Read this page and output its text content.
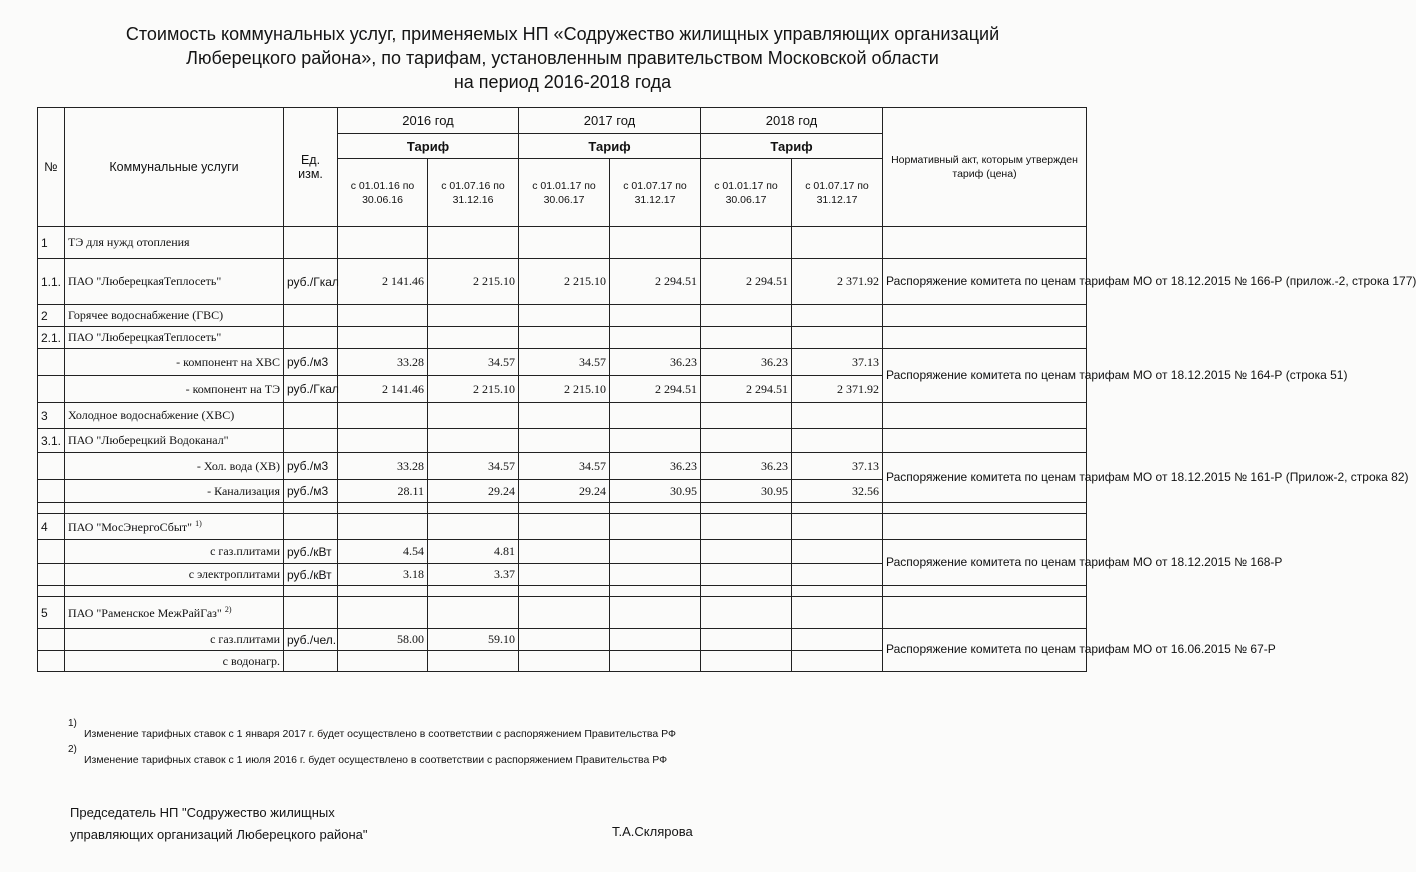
Стоимость коммунальных услуг, применяемых НП «Содружество жилищных управляющих организаций
Люберецкого района», по тарифам, установленным правительством Московской области
на период 2016-2018 года
№	Коммунальные услуги	Ед. изм.	2016 год		2017 год		2018 год		Нормативный акт, которым утвержден тариф (цена)
			Тариф		Тариф		Тариф		
			с 01.01.16 по 30.06.16	с 01.07.16 по 31.12.16	с 01.01.17 по 30.06.17	с 01.07.17 по 31.12.17	с 01.01.17 по 30.06.17	с 01.07.17 по 31.12.17	
1	ТЭ для нужд отопления								
1.1.	ПАО "ЛюберецкаяТеплосеть"	руб./Гкал	2 141.46	2 215.10	2 215.10	2 294.51	2 294.51	2 371.92	Распоряжение комитета по ценам тарифам МО от 18.12.2015 № 166-Р (прилож.-2, строка 177)
2	Горячее водоснабжение (ГВС)								
2.1.	ПАО "ЛюберецкаяТеплосеть"								
	- компонент на ХВС	руб./м3	33.28	34.57	34.57	36.23	36.23	37.13	Распоряжение комитета по ценам тарифам МО от 18.12.2015 № 164-Р (строка 51)
	- компонент на ТЭ	руб./Гкал	2 141.46	2 215.10	2 215.10	2 294.51	2 294.51	2 371.92	
3	Холодное водоснабжение (ХВС)								
3.1.	ПАО "Люберецкий Водоканал"								
	- Хол. вода (ХВ)	руб./м3	33.28	34.57	34.57	36.23	36.23	37.13	Распоряжение комитета по ценам тарифам МО от 18.12.2015 № 161-Р (Прилож-2, строка 82)
	- Канализация	руб./м3	28.11	29.24	29.24	30.95	30.95	32.56	

4	ПАО "МосЭнергоСбыт" $^{1)}$								
	с газ.плитами	руб./кВт	4.54	4.81					Распоряжение комитета по ценам тарифам МО от 18.12.2015 № 168-Р
	с электроплитами	руб./кВт	3.18	3.37					

5	ПАО "Раменское МежРайГаз" $^{2)}$								
	с газ.плитами	руб./чел.	58.00	59.10					Распоряжение комитета по ценам тарифам МО от 16.06.2015 № 67-Р
	с водонагр.								
1)
Изменение тарифных ставок с 1 января 2017 г. будет осуществлено в соответствии с распоряжением Правительства РФ
2)
Изменение тарифных ставок с 1 июля 2016 г. будет осуществлено в соответствии с распоряжением Правительства РФ
Председатель НП "Содружество жилищных
управляющих организаций Люберецкого района"	Т.А.Склярова
